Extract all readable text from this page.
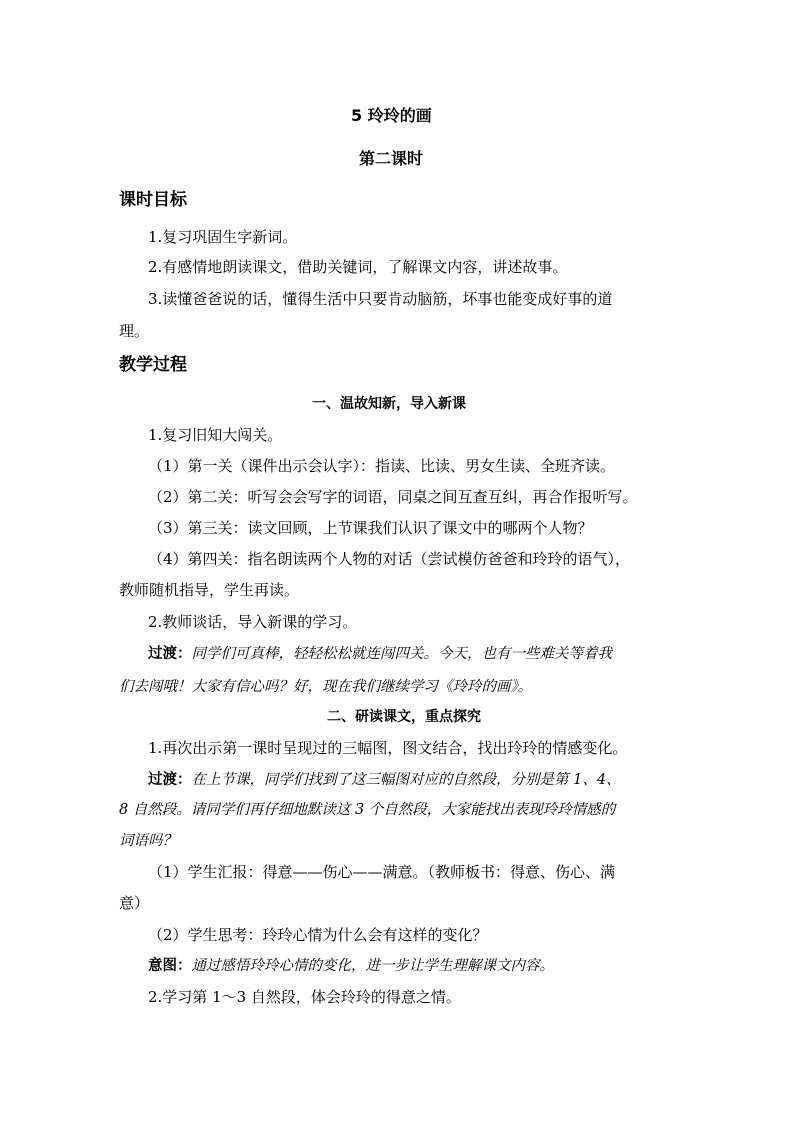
5 玲玲的画
第二课时
课时目标
1.复习巩固生字新词。
2.有感情地朗读课文，借助关键词，了解课文内容，讲述故事。
3.读懂爸爸说的话，懂得生活中只要肯动脑筋，坏事也能变成好事的道
理。
教学过程
一、温故知新，导入新课
1.复习旧知大闯关。
（1）第一关（课件出示会认字）：指读、比读、男女生读、全班齐读。
（2）第二关：听写会会写字的词语，同桌之间互查互纠，再合作报听写。
（3）第三关：读文回顾，上节课我们认识了课文中的哪两个人物？
（4）第四关：指名朗读两个人物的对话（尝试模仿爸爸和玲玲的语气），
教师随机指导，学生再读。
2.教师谈话，导入新课的学习。
过渡：同学们可真棒，轻轻松松就连闯四关。今天，也有一些难关等着我
们去闯哦！大家有信心吗？好，现在我们继续学习《玲玲的画》。
二、研读课文，重点探究
1.再次出示第一课时呈现过的三幅图，图文结合，找出玲玲的情感变化。
过渡：在上节课，同学们找到了这三幅图对应的自然段，分别是第 1、4、
8 自然段。请同学们再仔细地默读这 3 个自然段，大家能找出表现玲玲情感的
词语吗？
（1）学生汇报：得意——伤心——满意。（教师板书：得意、伤心、满
意）
（2）学生思考：玲玲心情为什么会有这样的变化？
意图：通过感悟玲玲心情的变化，进一步让学生理解课文内容。
2.学习第 1～3 自然段，体会玲玲的得意之情。
